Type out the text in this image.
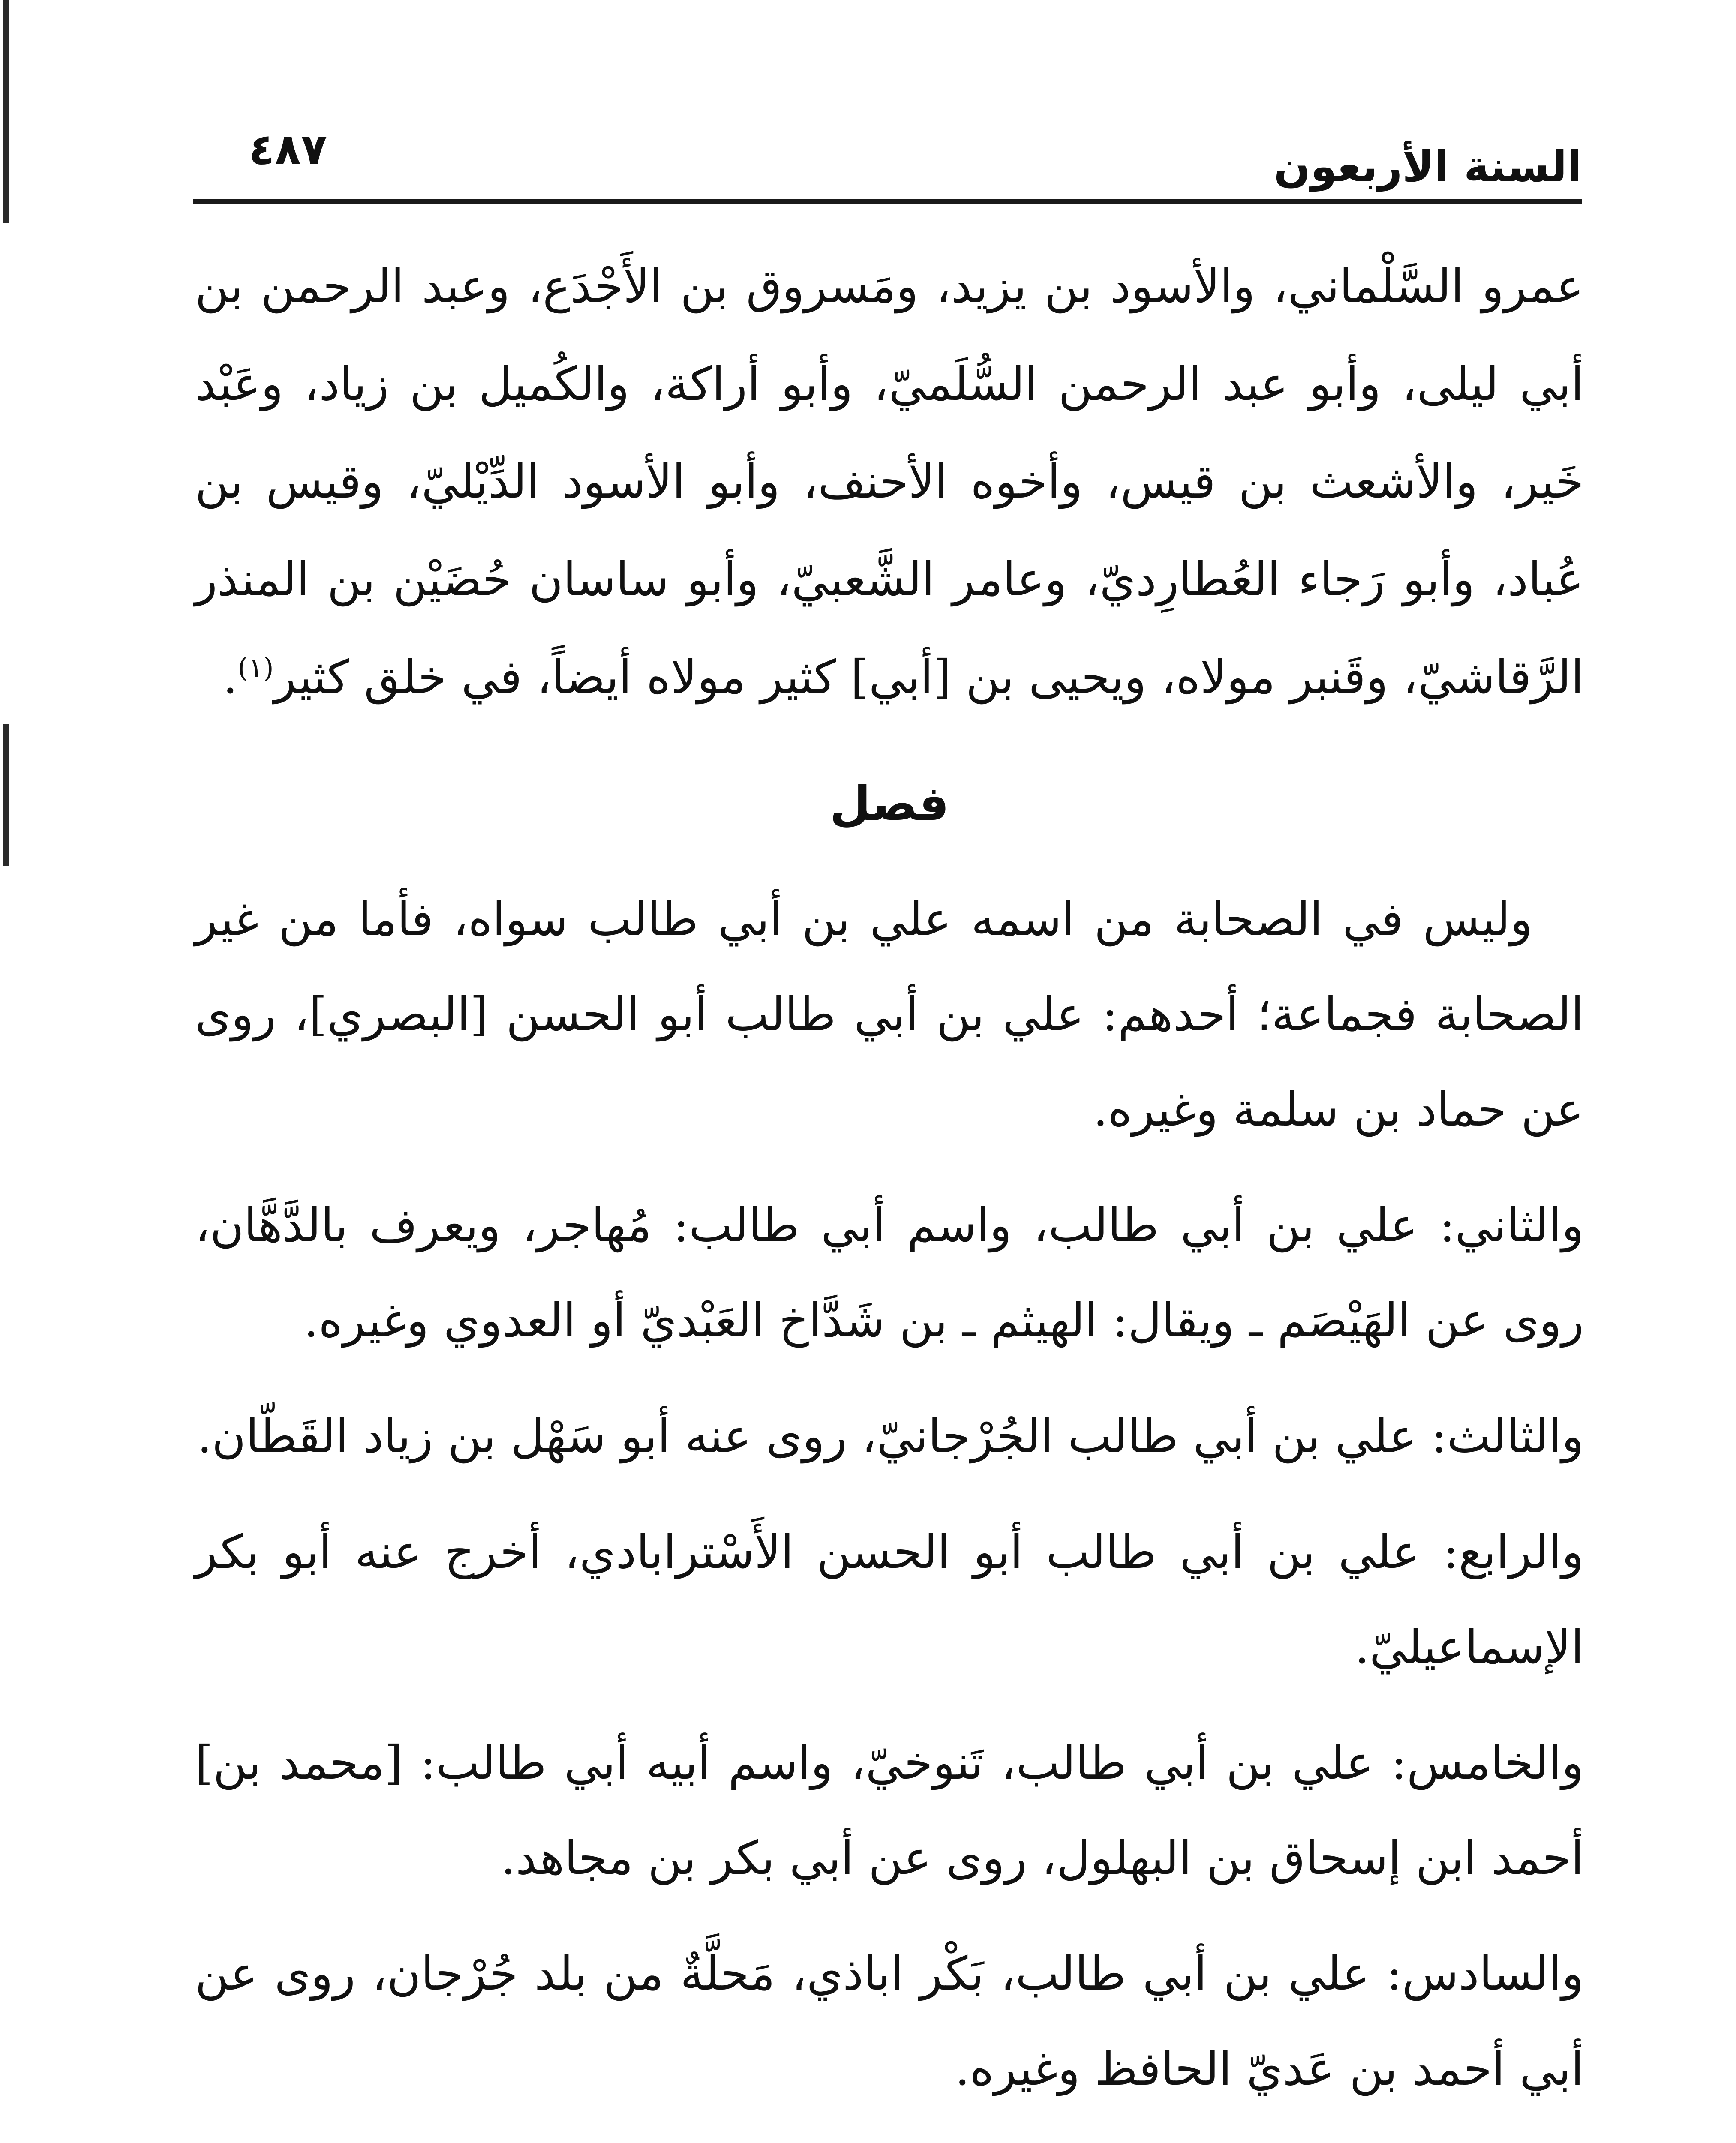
٤٨٧	السنة الأربعون

عمرو السَّلْماني، والأسود بن يزيد، ومَسروق بن الأَجْدَع، وعبد الرحمن بن أبي ليلى، وأبو عبد الرحمن السُّلَميّ، وأبو أراكة، والكُميل بن زياد، وعَبْد خَير، والأشعث بن قيس، وأخوه الأحنف، وأبو الأسود الدِّيْليّ، وقيس بن عُباد، وأبو رَجاء العُطارِديّ، وعامر الشَّعبيّ، وأبو ساسان حُضَيْن بن المنذر الرَّقاشيّ، وقَنبر مولاه، ويحيى بن [أبي] كثير مولاه أيضاً، في خلق كثير$^{(١)}$.

فصل

وليس في الصحابة من اسمه علي بن أبي طالب سواه، فأما من غير الصحابة فجماعة؛ أحدهم: علي بن أبي طالب أبو الحسن [البصري]، روى عن حماد بن سلمة وغيره.

والثاني: علي بن أبي طالب، واسم أبي طالب: مُهاجر، ويعرف بالدَّهَّان، روى عن الهَيْصَم ـ ويقال: الهيثم ـ بن شَدَّاخ العَبْديّ أو العدوي وغيره.

والثالث: علي بن أبي طالب الجُرْجانيّ، روى عنه أبو سَهْل بن زياد القَطّان.

والرابع: علي بن أبي طالب أبو الحسن الأَسْترابادي، أخرج عنه أبو بكر الإسماعيليّ.

والخامس: علي بن أبي طالب، تَنوخيّ، واسم أبيه أبي طالب: [محمد بن] أحمد ابن إسحاق بن البهلول، روى عن أبي بكر بن مجاهد.

والسادس: علي بن أبي طالب، بَكْر اباذي، مَحلَّةٌ من بلد جُرْجان، روى عن أبي أحمد بن عَديّ الحافظ وغيره.
